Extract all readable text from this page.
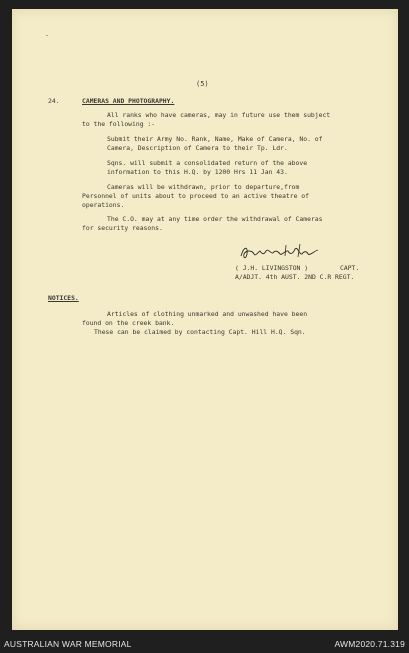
-
(5)
24.	CAMERAS AND PHOTOGRAPHY.
All ranks who have cameras, may in future use them subject
to the following :-
Submit their Army No. Rank, Name, Make of Camera, No. of
Camera, Description of Camera to their Tp. Ldr.
Sqns. will submit a consolidated return of the above
information to this H.Q. by 1200 Hrs 11 Jan 43.
Cameras will be withdrawn, prior to departure,from
Personnel of units about to proceed to an active theatre of
operations.
The C.O. may at any time order the withdrawal of Cameras
for security reasons.
( J.H. LIVINGSTON )	CAPT.
A/ADJT. 4th AUST. 2ND C.R REGT.
NOTICES.
Articles of clothing unmarked and unwashed have been
found on the creek bank.
These can be claimed by contacting Capt. Hill H.Q. Sqn.
AUSTRALIAN WAR MEMORIAL	AWM2020.71.319
